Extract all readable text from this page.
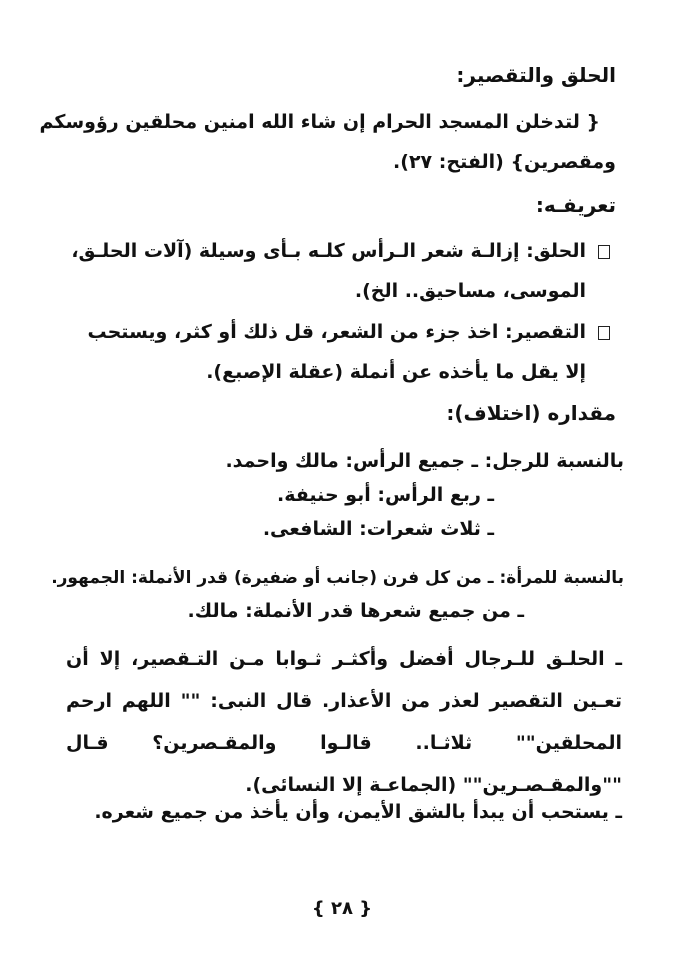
الحلق والتقصير:
{ لتدخلن المسجد الحرام إن شاء الله امنين محلقين رؤوسكم
ومقصرين} (الفتح: ٢٧).
تعريفـه:
الحلق: إزالـة شعر الـرأس كلـه بـأى وسيلة (آلات الحلـق،
الموسى، مساحيق.. الخ).
التقصير: اخذ جزء من الشعر، قل ذلك أو كثر، ويستحب
إلا يقل ما يأخذه عن أنملة (عقلة الإصبع).
مقداره (اختلاف):
بالنسبة للرجل: ـ جميع الرأس: مالك واحمد.
ـ ربع الرأس: أبو حنيفة.
ـ ثلاث شعرات: الشافعى.
بالنسبة للمرأة: ـ من كل فرن (جانب أو ضفيرة) قدر الأنملة: الجمهور.
ـ من جميع شعرها قدر الأنملة: مالك.
ـ الحلـق للـرجال أفضل وأكثـر ثـوابا مـن التـقصير، إلا أن تعـين التقصير لعذر من الأعذار. قال النبى: "" اللهم ارحم المحلقين"" ثلاثـا.. قالـوا والمقـصرين؟ قـال ""والمقـصـرين"" (الجماعـة إلا النسائى).
ـ يستحب أن يبدأ بالشق الأيمن، وأن يأخذ من جميع شعره.
{ ٢٨ }
